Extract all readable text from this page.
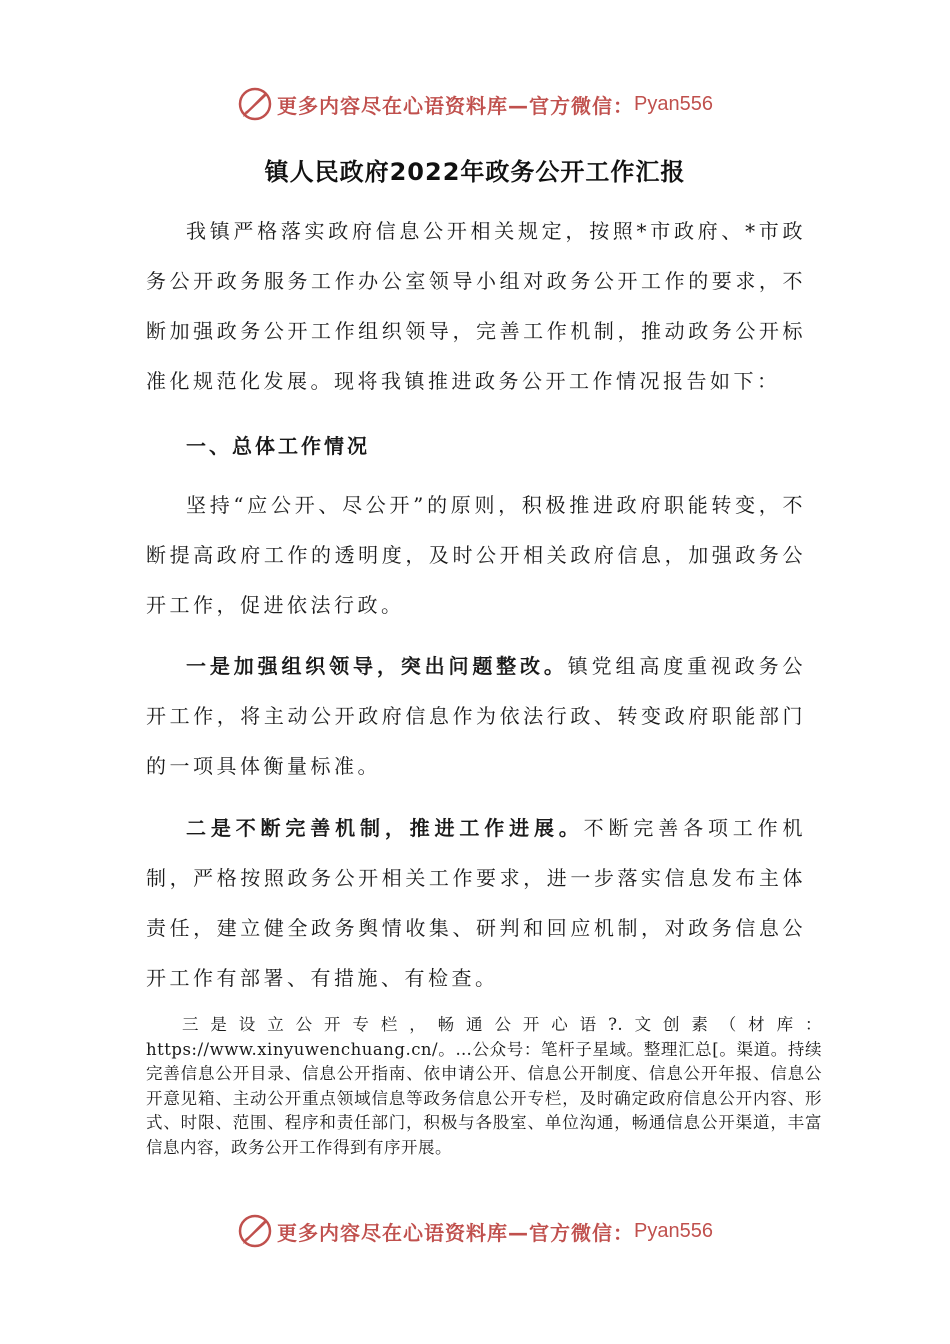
更多内容尽在心语资料库—官方微信： Pyan556
镇人民政府2022年政务公开工作汇报
我镇严格落实政府信息公开相关规定，按照*市政府、*市政务公开政务服务工作办公室领导小组对政务公开工作的要求，不断加强政务公开工作组织领导，完善工作机制，推动政务公开标准化规范化发展。现将我镇推进政务公开工作情况报告如下：
一、总体工作情况
坚持“应公开、尽公开”的原则，积极推进政府职能转变，不断提高政府工作的透明度，及时公开相关政府信息，加强政务公开工作，促进依法行政。
一是加强组织领导，突出问题整改。镇党组高度重视政务公开工作，将主动公开政府信息作为依法行政、转变政府职能部门的一项具体衡量标准。
二是不断完善机制，推进工作进展。不断完善各项工作机制，严格按照政务公开相关工作要求，进一步落实信息发布主体责任，建立健全政务舆情收集、研判和回应机制，对政务信息公开工作有部署、有措施、有检查。
三是设立公开专栏，畅通公开心语?.文创素（材库：https://www.xinyuwenchuang.cn/。…公众号：笔杆子星域。整理汇总[。渠道。持续完善信息公开目录、信息公开指南、依申请公开、信息公开制度、信息公开年报、信息公开意见箱、主动公开重点领域信息等政务信息公开专栏，及时确定政府信息公开内容、形式、时限、范围、程序和责任部门，积极与各股室、单位沟通，畅通信息公开渠道，丰富信息内容，政务公开工作得到有序开展。
更多内容尽在心语资料库—官方微信： Pyan556
